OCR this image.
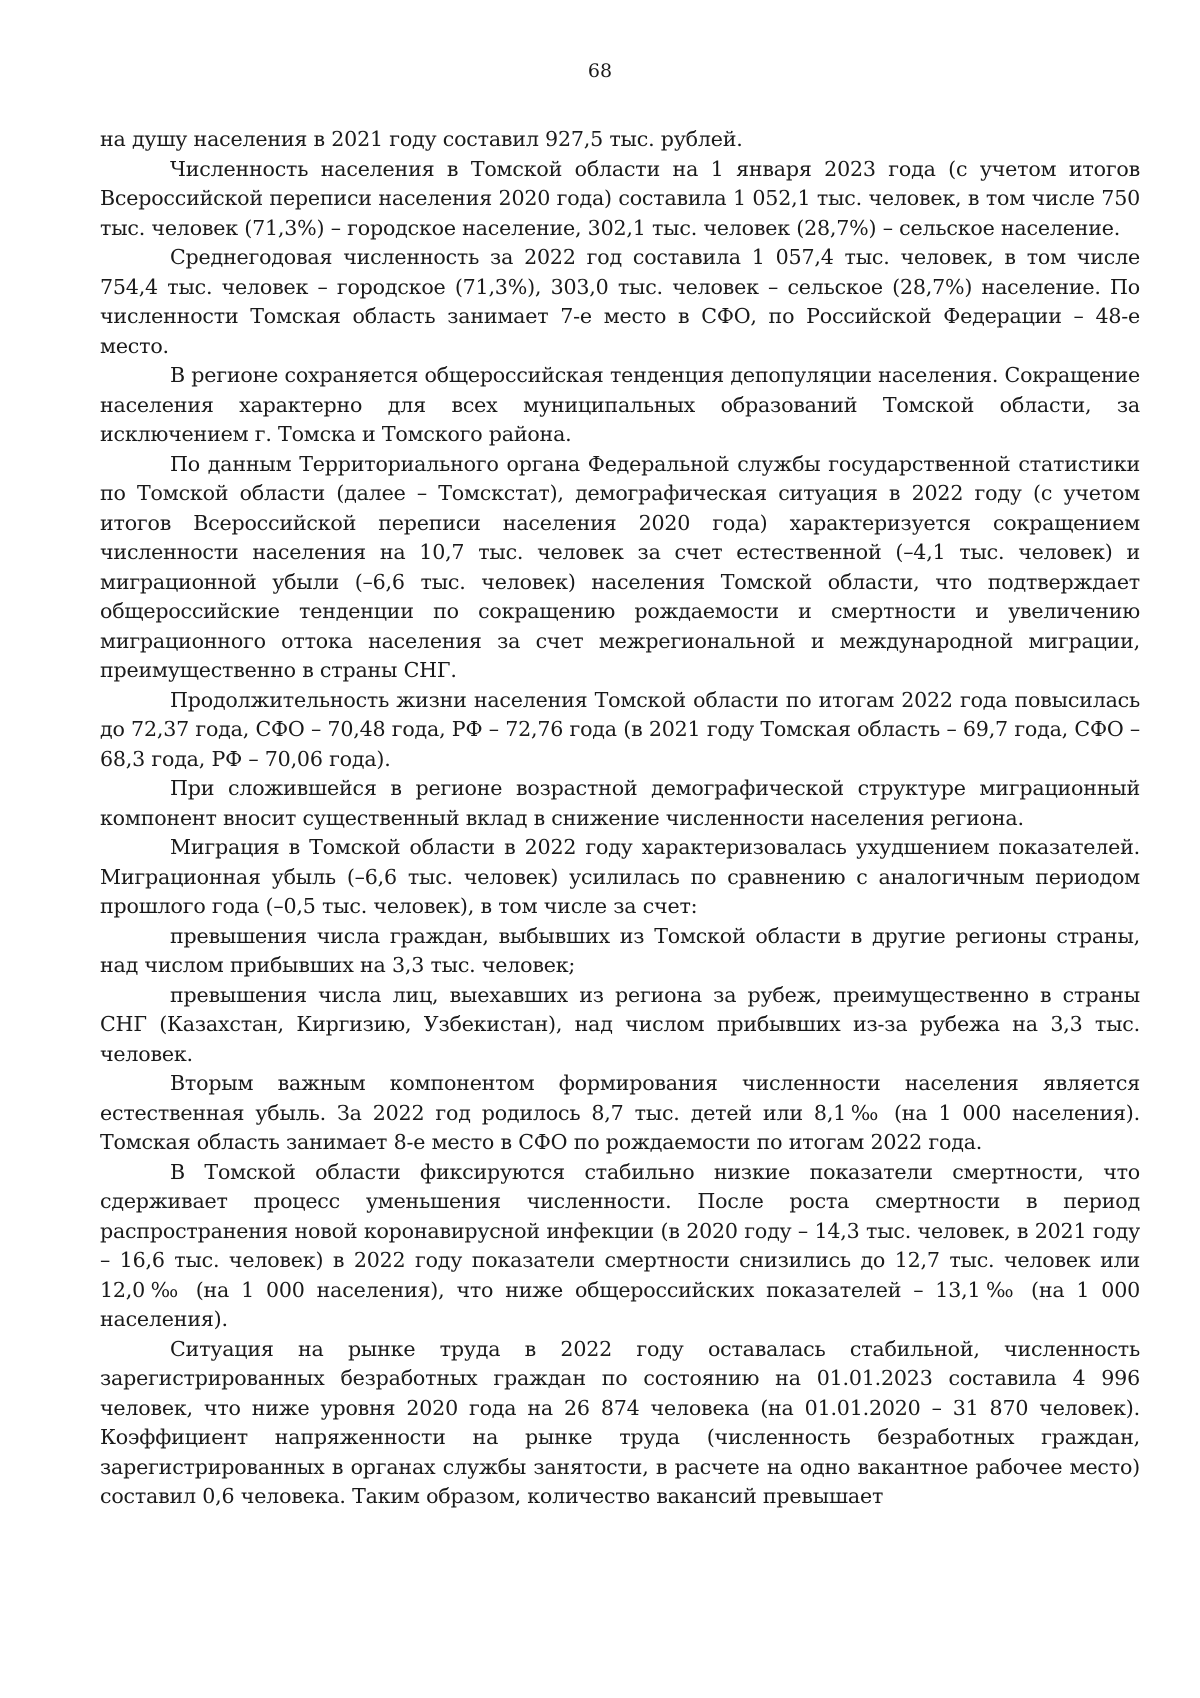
68

на душу населения в 2021 году составил 927,5 тыс. рублей.

Численность населения в Томской области на 1 января 2023 года (с учетом итогов Всероссийской переписи населения 2020 года) составила 1 052,1 тыс. человек, в том числе 750 тыс. человек (71,3%) – городское население, 302,1 тыс. человек (28,7%) – сельское население.

Среднегодовая численность за 2022 год составила 1 057,4 тыс. человек, в том числе 754,4 тыс. человек – городское (71,3%), 303,0 тыс. человек – сельское (28,7%) население. По численности Томская область занимает 7-е место в СФО, по Российской Федерации – 48-е место.

В регионе сохраняется общероссийская тенденция депопуляции населения. Сокращение населения характерно для всех муниципальных образований Томской области, за исключением г. Томска и Томского района.

По данным Территориального органа Федеральной службы государственной статистики по Томской области (далее – Томскстат), демографическая ситуация в 2022 году (с учетом итогов Всероссийской переписи населения 2020 года) характеризуется сокращением численности населения на 10,7 тыс. человек за счет естественной (–4,1 тыс. человек) и миграционной убыли (–6,6 тыс. человек) населения Томской области, что подтверждает общероссийские тенденции по сокращению рождаемости и смертности и увеличению миграционного оттока населения за счет межрегиональной и международной миграции, преимущественно в страны СНГ.

Продолжительность жизни населения Томской области по итогам 2022 года повысилась до 72,37 года, СФО – 70,48 года, РФ – 72,76 года (в 2021 году Томская область – 69,7 года, СФО – 68,3 года, РФ – 70,06 года).

При сложившейся в регионе возрастной демографической структуре миграционный компонент вносит существенный вклад в снижение численности населения региона.

Миграция в Томской области в 2022 году характеризовалась ухудшением показателей. Миграционная убыль (–6,6 тыс. человек) усилилась по сравнению с аналогичным периодом прошлого года (–0,5 тыс. человек), в том числе за счет:

превышения числа граждан, выбывших из Томской области в другие регионы страны, над числом прибывших на 3,3 тыс. человек;

превышения числа лиц, выехавших из региона за рубеж, преимущественно в страны СНГ (Казахстан, Киргизию, Узбекистан), над числом прибывших из-за рубежа на 3,3 тыс. человек.

Вторым важным компонентом формирования численности населения является естественная убыль. За 2022 год родилось 8,7 тыс. детей или 8,1‰ (на 1 000 населения). Томская область занимает 8-е место в СФО по рождаемости по итогам 2022 года.

В Томской области фиксируются стабильно низкие показатели смертности, что сдерживает процесс уменьшения численности. После роста смертности в период распространения новой коронавирусной инфекции (в 2020 году – 14,3 тыс. человек, в 2021 году – 16,6 тыс. человек) в 2022 году показатели смертности снизились до 12,7 тыс. человек или 12,0‰ (на 1 000 населения), что ниже общероссийских показателей – 13,1‰ (на 1 000 населения).

Ситуация на рынке труда в 2022 году оставалась стабильной, численность зарегистрированных безработных граждан по состоянию на 01.01.2023 составила 4 996 человек, что ниже уровня 2020 года на 26 874 человека (на 01.01.2020 – 31 870 человек). Коэффициент напряженности на рынке труда (численность безработных граждан, зарегистрированных в органах службы занятости, в расчете на одно вакантное рабочее место) составил 0,6 человека. Таким образом, количество вакансий превышает
